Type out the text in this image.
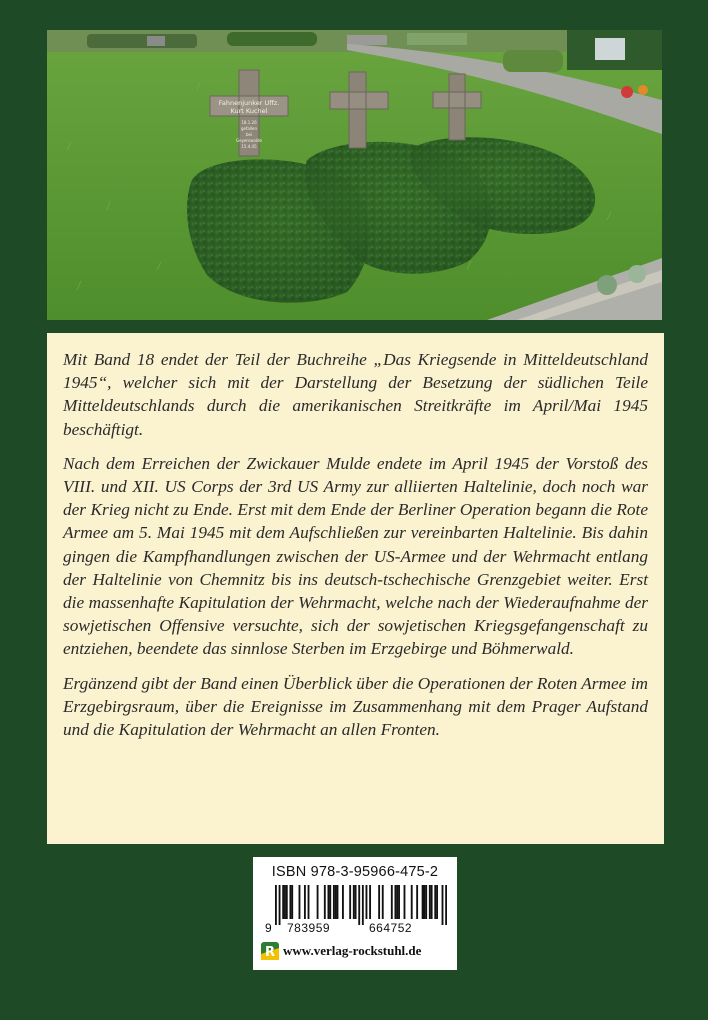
Fahnenjunker Uffz.
Kurt Kuchel
18.1.26
gefallen
bei
Geyerswalde
15.4.45

Mit Band 18 endet der Teil der Buchreihe „Das Kriegsende in Mitteldeutschland 1945“, welcher sich mit der Darstellung der Besetzung der südlichen Teile Mitteldeutschlands durch die amerikanischen Streitkräfte im April/Mai 1945 beschäftigt.

Nach dem Erreichen der Zwickauer Mulde endete im April 1945 der Vorstoß des VIII. und XII. US Corps der 3rd US Army zur alliierten Haltelinie, doch noch war der Krieg nicht zu Ende. Erst mit dem Ende der Berliner Operation begann die Rote Armee am 5. Mai 1945 mit dem Aufschließen zur vereinbarten Haltelinie. Bis dahin gingen die Kampfhandlungen zwischen der US-Armee und der Wehrmacht entlang der Haltelinie von Chemnitz bis ins deutsch-tschechische Grenzgebiet weiter. Erst die massenhafte Kapitulation der Wehrmacht, welche nach der Wiederaufnahme der sowjetischen Offensive versuchte, sich der sowjetischen Kriegsgefangenschaft zu entziehen, beendete das sinnlose Sterben im Erzgebirge und Böhmerwald.

Ergänzend gibt der Band einen Überblick über die Operationen der Roten Armee im Erzgebirgsraum, über die Ereignisse im Zusammenhang mit dem Prager Aufstand und die Kapitulation der Wehrmacht an allen Fronten.

ISBN 978-3-95966-475-2
9 783959	664752
R www.verlag-rockstuhl.de
